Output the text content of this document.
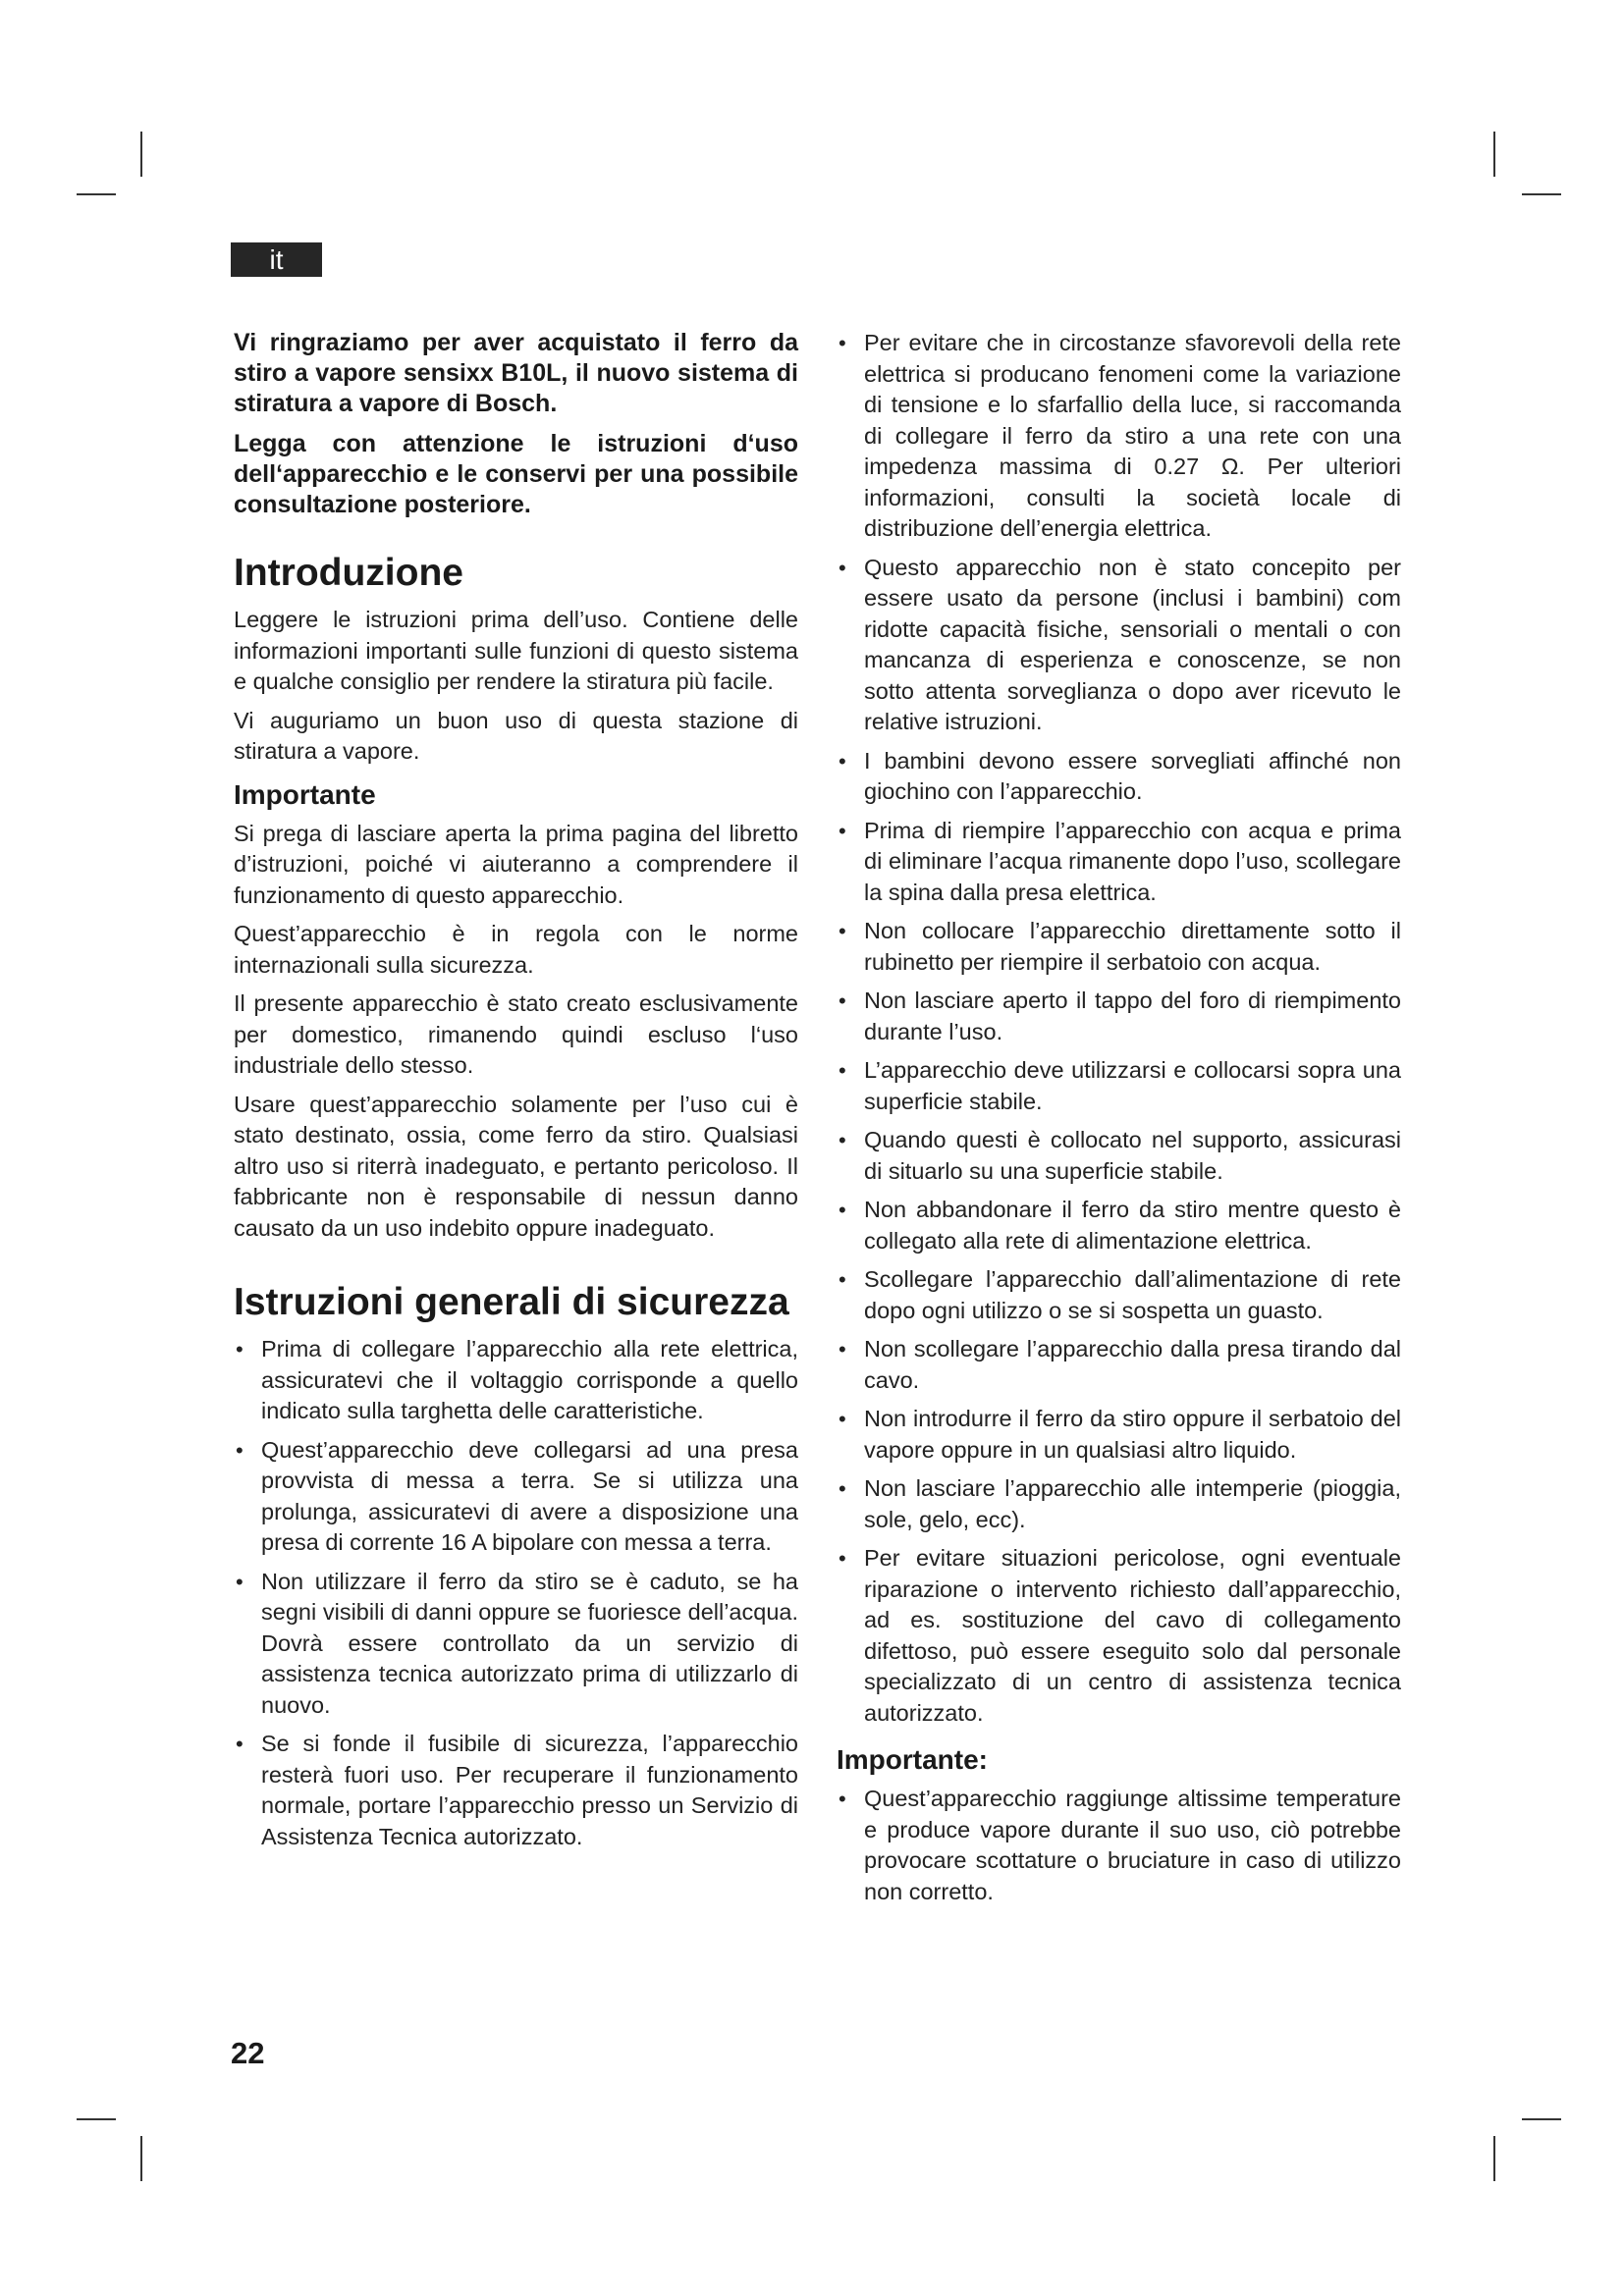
it

Vi ringraziamo per aver acquistato il ferro da stiro a vapore sensixx B10L, il nuovo sistema di stiratura a vapore di Bosch.

Legga con attenzione le istruzioni d‘uso dell‘apparecchio e le conservi per una possibile consultazione posteriore.

Introduzione

Leggere le istruzioni prima dell’uso. Contiene delle informazioni importanti sulle funzioni di questo sistema e qualche consiglio per rendere la stiratura più facile.

Vi auguriamo un buon uso di questa stazione di stiratura a vapore.

Importante

Si prega di lasciare aperta la prima pagina del libretto d’istruzioni, poiché vi aiuteranno a comprendere il funzionamento di questo apparecchio.

Quest’apparecchio è in regola con le norme internazionali sulla sicurezza.

Il presente apparecchio è stato creato esclusivamente per domestico, rimanendo quindi escluso l‘uso industriale dello stesso.

Usare quest’apparecchio solamente per l’uso cui è stato destinato, ossia, come ferro da stiro. Qualsiasi altro uso si riterrà inadeguato, e pertanto pericoloso. Il fabbricante non è responsabile di nessun danno causato da un uso indebito oppure inadeguato.

Istruzioni generali di sicurezza
• Prima di collegare l’apparecchio alla rete elettrica, assicuratevi che il voltaggio corrisponde a quello indicato sulla targhetta delle caratteristiche.
• Quest’apparecchio deve collegarsi ad una presa provvista di messa a terra. Se si utilizza una prolunga, assicuratevi di avere a disposizione una presa di corrente 16 A bipolare con messa a terra.
• Non utilizzare il ferro da stiro se è caduto, se ha segni visibili di danni oppure se fuoriesce dell’acqua. Dovrà essere controllato da un servizio di assistenza tecnica autorizzato prima di utilizzarlo di nuovo.
• Se si fonde il fusibile di sicurezza, l’apparecchio resterà fuori uso. Per recuperare il funzionamento normale, portare l’apparecchio presso un Servizio di Assistenza Tecnica autorizzato.
• Per evitare che in circostanze sfavorevoli della rete elettrica si producano fenomeni come la variazione di tensione e lo sfarfallio della luce, si raccomanda di collegare il ferro da stiro a una rete con una impedenza massima di 0.27 Ω. Per ulteriori informazioni, consulti la società locale di distribuzione dell’energia elettrica.
• Questo apparecchio non è stato concepito per essere usato da persone (inclusi i bambini) com ridotte capacità fisiche, sensoriali o mentali o con mancanza di esperienza e conoscenze, se non sotto attenta sorveglianza o dopo aver ricevuto le relative istruzioni.
• I bambini devono essere sorvegliati affinché non giochino con l’apparecchio.
• Prima di riempire l’apparecchio con acqua e prima di eliminare l’acqua rimanente dopo l’uso, scollegare la spina dalla presa elettrica.
• Non collocare l’apparecchio direttamente sotto il rubinetto per riempire il serbatoio con acqua.
• Non lasciare aperto il tappo del foro di riempimento durante l’uso.
• L’apparecchio deve utilizzarsi e collocarsi sopra una superficie stabile.
• Quando questi è collocato nel supporto, assicurasi di situarlo su una superficie stabile.
• Non abbandonare il ferro da stiro mentre questo è collegato alla rete di alimentazione elettrica.
• Scollegare l’apparecchio dall’alimentazione di rete dopo ogni utilizzo o se si sospetta un guasto.
• Non scollegare l’apparecchio dalla presa tirando dal cavo.
• Non introdurre il ferro da stiro oppure il serbatoio del vapore oppure in un qualsiasi altro liquido.
• Non lasciare l’apparecchio alle intemperie (pioggia, sole, gelo, ecc).
• Per evitare situazioni pericolose, ogni eventuale riparazione o intervento richiesto dall’apparecchio, ad es. sostituzione del cavo di collegamento difettoso, può essere eseguito solo dal personale specializzato di un centro di assistenza tecnica autorizzato.
Importante:
• Quest’apparecchio raggiunge altissime temperature e produce vapore durante il suo uso, ciò potrebbe provocare scottature o bruciature in caso di utilizzo non corretto.
22
